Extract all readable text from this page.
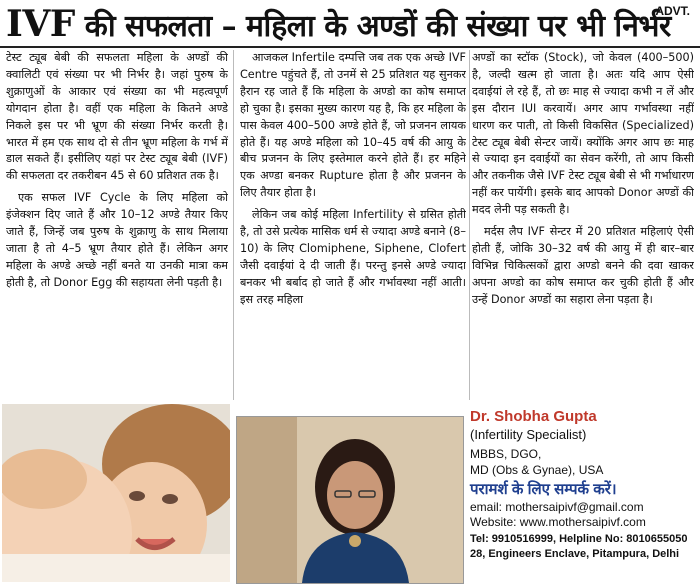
IVF की सफलता – महिला के अण्डों की संख्या पर भी निर्भर
ADVT.

टेस्ट ट्यूब बेबी की सफलता महिला के अण्डों की क्वालिटी एवं संख्या पर भी निर्भर है। जहां पुरुष के शुक्राणुओं के आकार एवं संख्या का भी महत्वपूर्ण योगदान होता है। वहीं एक महिला के कितने अण्डे निकले इस पर भी भ्रूण की संख्या निर्भर करती है। भारत में हम एक साथ दो से तीन भ्रूण महिला के गर्भ में डाल सकते हैं। इसीलिए यहां पर टेस्ट ट्यूब बेबी (IVF) की सफलता दर तकरीबन 45 से 60 प्रतिशत तक है।

एक सफल IVF Cycle के लिए महिला को इंजेक्शन दिए जाते हैं और 10–12 अण्डे तैयार किए जाते हैं, जिन्हें जब पुरुष के शुक्राणु के साथ मिलाया जाता है तो 4–5 भ्रूण तैयार होते हैं। लेकिन अगर महिला के अण्डे अच्छे नहीं बनते या उनकी मात्रा कम होती है, तो Donor Egg की सहायता लेनी पड़ती है।

आजकल Infertile दम्पत्ति जब तक एक अच्छे IVF Centre पहुंचते हैं, तो उनमें से 25 प्रतिशत यह सुनकर हैरान रह जाते हैं कि महिला के अण्डो का कोष समाप्त हो चुका है। इसका मुख्य कारण यह है, कि हर महिला के पास केवल 400–500 अण्डे होते हैं, जो प्रजनन लायक होते हैं। यह अण्डे महिला को 10–45 वर्ष की आयु के बीच प्रजनन के लिए इस्तेमाल करने होते हैं। हर महिने एक अण्डा बनकर Rupture होता है और प्रजनन के लिए तैयार होता है।

लेकिन जब कोई महिला Infertility से ग्रसित होती है, तो उसे प्रत्येक मासिक धर्म से ज्यादा अण्डे बनाने (8–10) के लिए Clomiphene, Siphene, Clofert जैसी दवाईयां दे दी जाती हैं। परन्तु इनसे अण्डे ज्यादा बनकर भी बर्बाद हो जाते हैं और गर्भावस्था नहीं आती। इस तरह महिला

अण्डों का स्टॉक (Stock), जो केवल (400–500) है, जल्दी खत्म हो जाता है। अतः यदि आप ऐसी दवाईयां ले रहे हैं, तो छः माह से ज्यादा कभी न लें और इस दौरान IUI करवायें। अगर आप गर्भावस्था नहीं धारण कर पाती, तो किसी विकसित (Specialized) टेस्ट ट्यूब बेबी सेन्टर जायें। क्योंकि अगर आप छः माह से ज्यादा इन दवाईयों का सेवन करेंगी, तो आप किसी और तकनीक जैसे IVF टेस्ट ट्यूब बेबी से भी गर्भाधारण नहीं कर पायेंगी। इसके बाद आपको Donor अण्डों की मदद लेनी पड़ सकती है।

मर्दस लैप IVF सेन्टर में 20 प्रतिशत महिलाएं ऐसी होती हैं, जोकि 30–32 वर्ष की आयु में ही बार–बार विभिन्न चिकित्सकों द्वारा अण्डो बनने की दवा खाकर अपना अण्डो का कोष समाप्त कर चुकी होती हैं और उन्हें Donor अण्डों का सहारा लेना पड़ता है।

Dr. Shobha Gupta
(Infertility Specialist)
MBBS, DGO,
MD (Obs & Gynae), USA
परामर्श के लिए सम्पर्क करें।
email: mothersaipivf@gmail.com
Website: www.mothersaipivf.com
Tel: 9910516999, Helpline No: 8010655050
28, Engineers Enclave, Pitampura, Delhi
